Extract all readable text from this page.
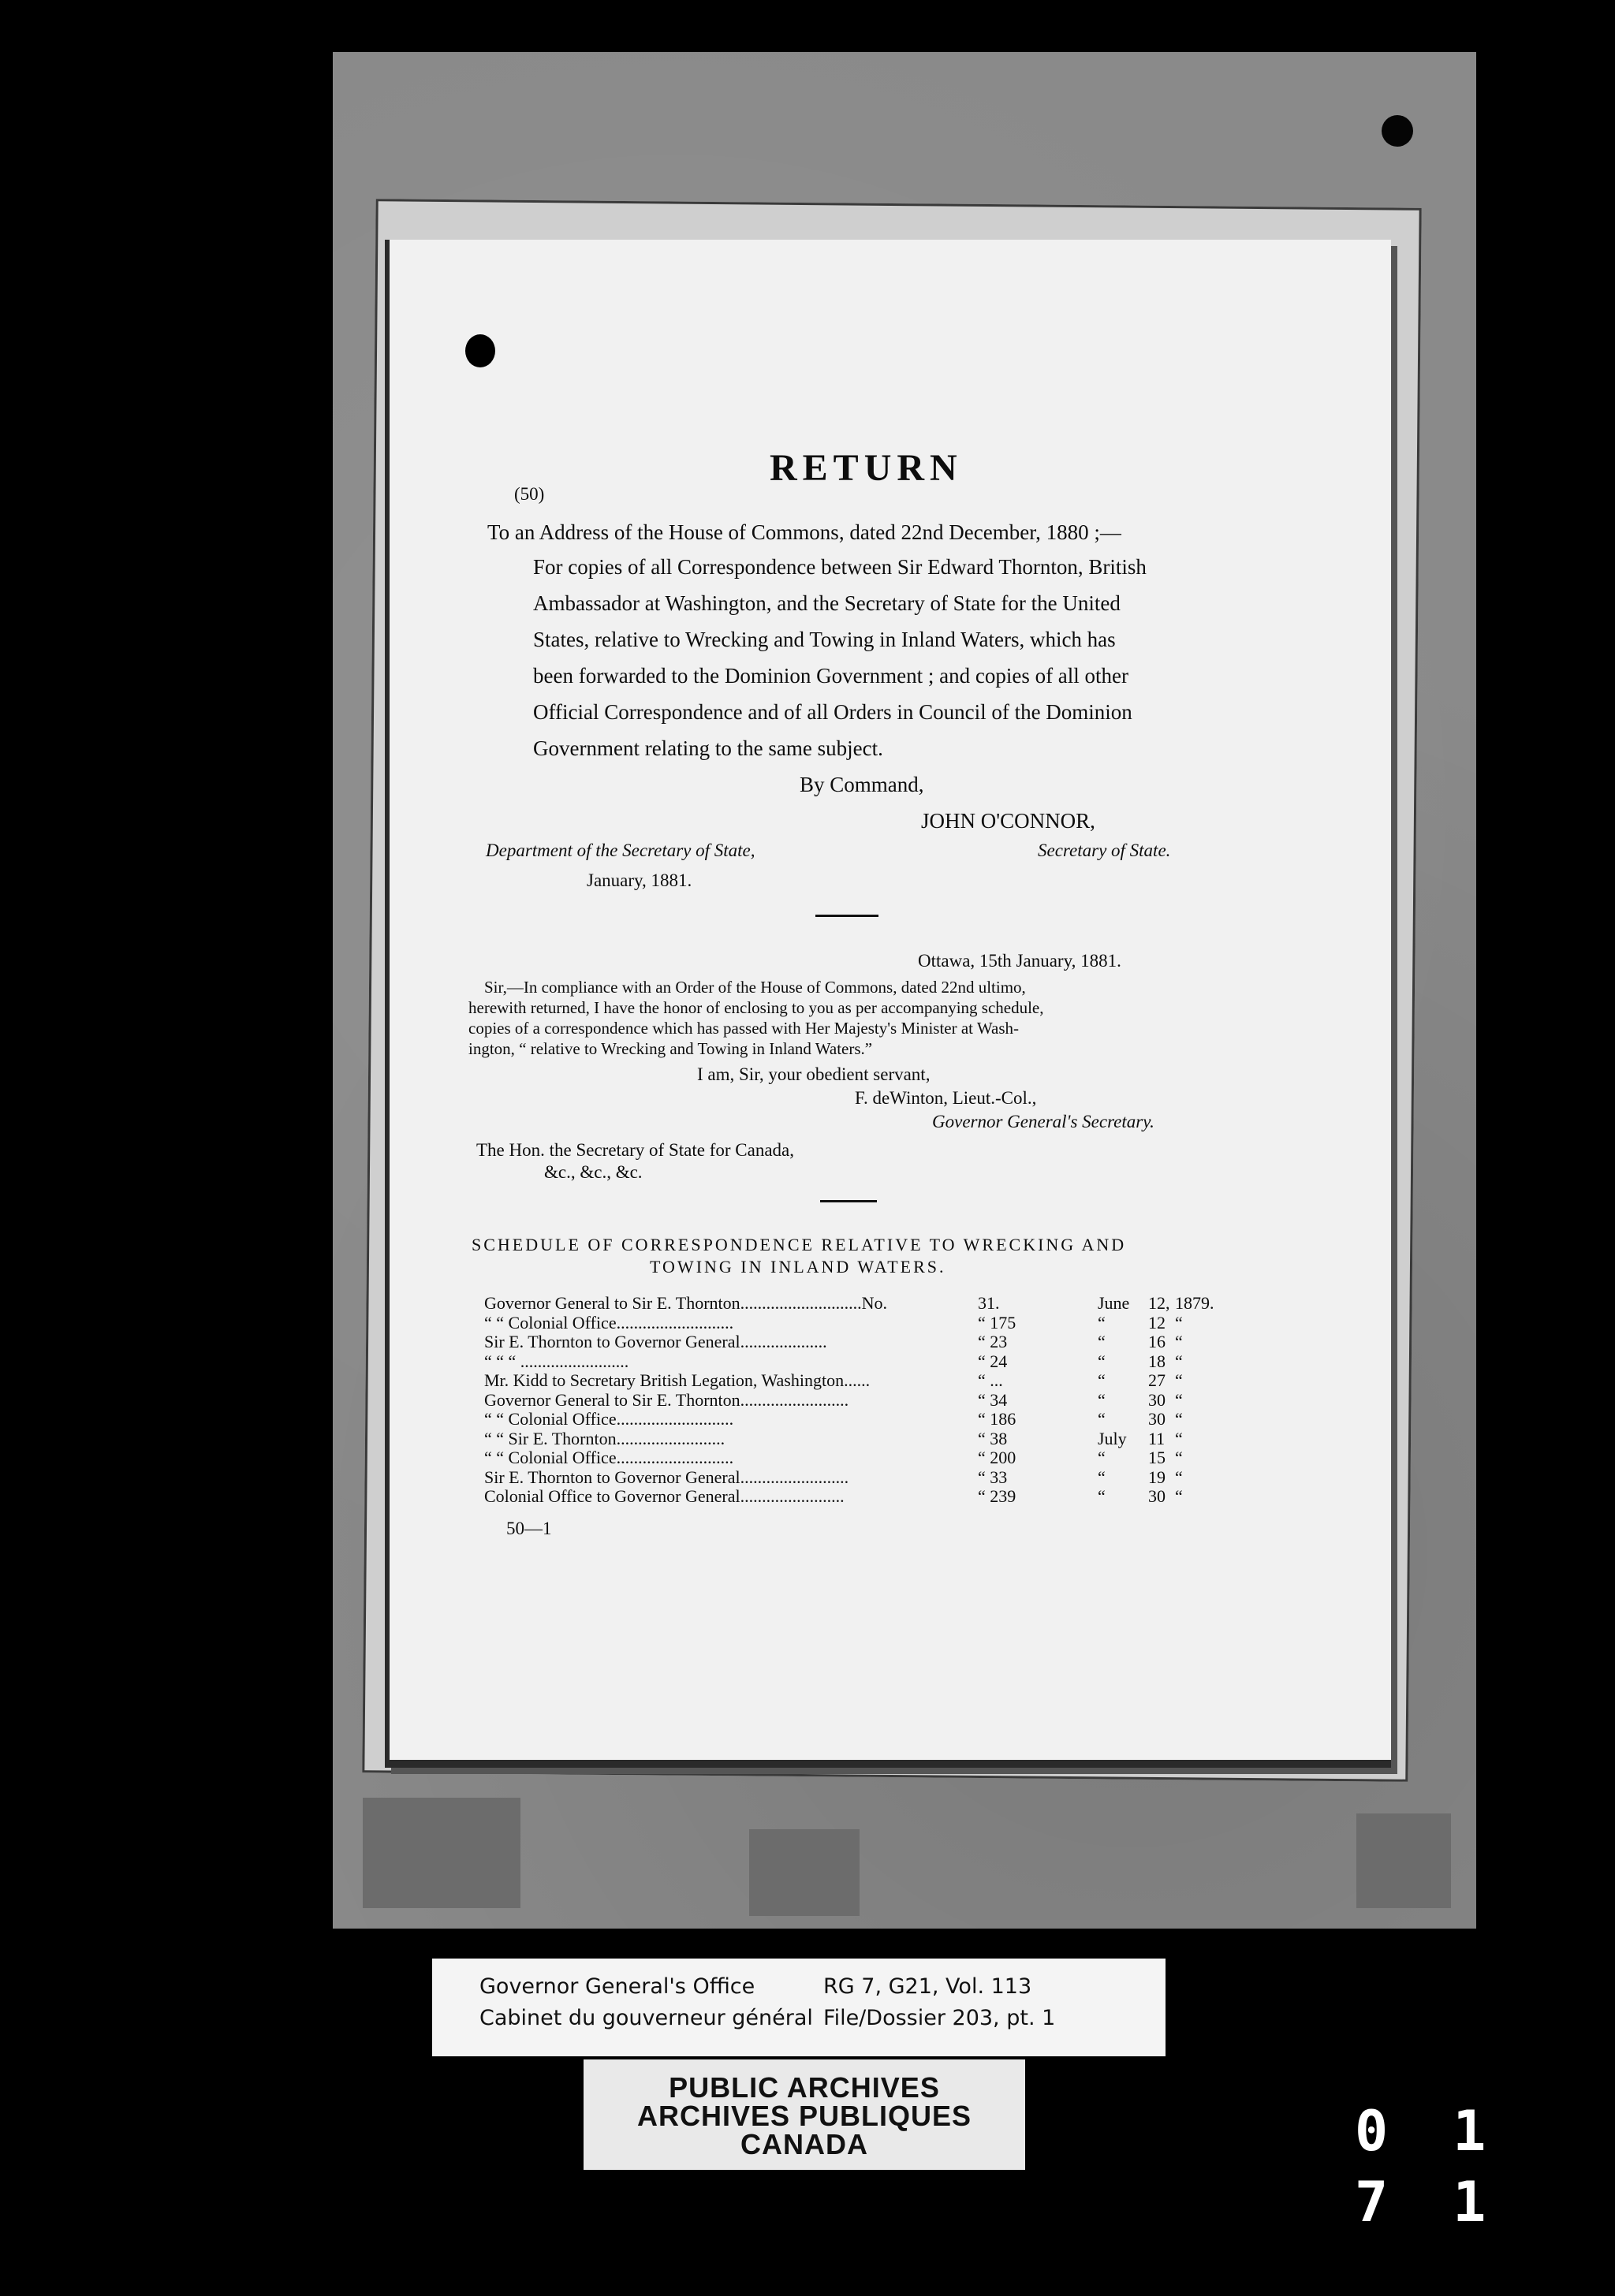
(50)
RETURN
To an Address of the House of Commons, dated 22nd December, 1880 ;—
For copies of all Correspondence between Sir Edward Thornton, British
Ambassador at Washington, and the Secretary of State for the United
States, relative to Wrecking and Towing in Inland Waters, which has
been forwarded to the Dominion Government ; and copies of all other
Official Correspondence and of all Orders in Council of the Dominion
Government relating to the same subject.
By Command,
JOHN O'CONNOR,
Department of the Secretary of State,	Secretary of State.
January, 1881.
Ottawa, 15th January, 1881.
Sir,—In compliance with an Order of the House of Commons, dated 22nd ultimo,
herewith returned, I have the honor of enclosing to you as per accompanying schedule,
copies of a correspondence which has passed with Her Majesty's Minister at Wash-
ington, “ relative to Wrecking and Towing in Inland Waters.”
I am, Sir, your obedient servant,
F. deWinton, Lieut.-Col.,
Governor General's Secretary.
The Hon. the Secretary of State for Canada,
&c., &c., &c.
SCHEDULE OF CORRESPONDENCE RELATIVE TO WRECKING AND
TOWING IN INLAND WATERS.
Governor General to Sir E. Thornton............................No.	31.	June 12, 1879.
“ “ Colonial Office...........................	“ 175	“ 12 “
Sir E. Thornton to Governor General....................	“ 23	“ 16 “
“ “ “ .........................	“ 24	“ 18 “
Mr. Kidd to Secretary British Legation, Washington......	“ ...	“ 27 “
Governor General to Sir E. Thornton.........................	“ 34	“ 30 “
“ “ Colonial Office...........................	“ 186	“ 30 “
“ “ Sir E. Thornton.........................	“ 38	July 11 “
“ “ Colonial Office...........................	“ 200	“ 15 “
Sir E. Thornton to Governor General.........................	“ 33	“ 19 “
Colonial Office to Governor General........................	“ 239	“ 30 “
50—1
Governor General's Office
Cabinet du gouverneur général
RG 7, G21, Vol. 113
File/Dossier 203, pt. 1
PUBLIC ARCHIVES
ARCHIVES PUBLIQUES
CANADA	0 1 7 1
